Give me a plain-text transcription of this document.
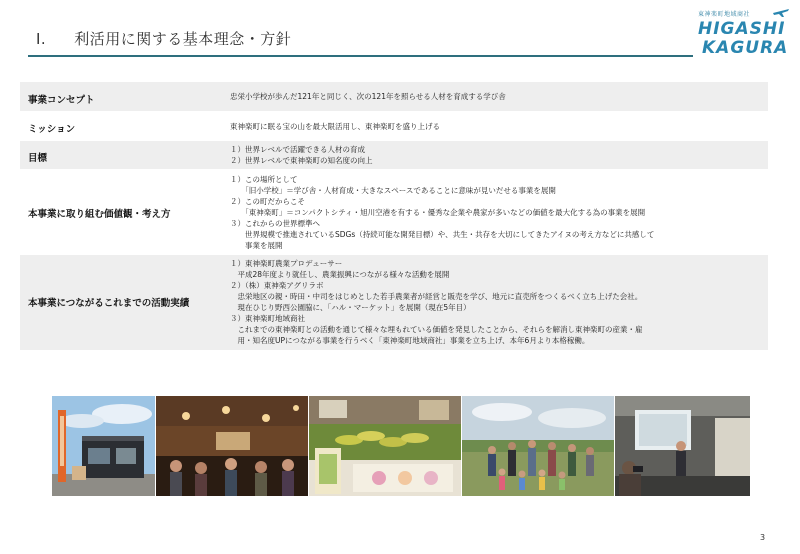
I. 利活用に関する基本理念・方針
東神楽町地域商社
HIGASHI
KAGURA
事業コンセプト	忠栄小学校が歩んだ121年と同じく、次の121年を照らせる人材を育成する学び舎
ミッション	東神楽町に眠る宝の山を最大限活用し、東神楽町を盛り上げる
目標
１）世界レベルで活躍できる人材の育成
２）世界レベルで東神楽町の知名度の向上
本事業に取り組む価値観・考え方
１）この場所として
　　「旧小学校」＝学び舎・人材育成・大きなスペースであることに意味が見いだせる事業を展開
２）この町だからこそ
　　「東神楽町」＝コンパクトシティ・旭川空港を有する・優秀な企業や農家が多いなどの価値を最大化する為の事業を展開
３）これからの世界標準へ
　　世界規模で推進されているSDGs（持続可能な開発目標）や、共生・共存を大切にしてきたアイヌの考え方などに共感して
　　事業を展開
本事業につながるこれまでの活動実績
１）東神楽町農業プロデューサー
　平成28年度より就任し、農業振興につながる様々な活動を展開
２）（株）東神楽アグリラボ
　忠栄地区の親・時田・中司をはじめとした若手農業者が経営と販売を学び、地元に直売所をつくるべく立ち上げた会社。
　現在ひじり野西公園脇に、「ハル・マーケット」を展開（現在5年目）
３）東神楽町地域商社
　これまでの東神楽町との活動を通じて様々な埋もれている価値を発見したことから、それらを解消し東神楽町の産業・雇
　用・知名度UPにつながる事業を行うべく「東神楽町地域商社」事業を立ち上げ、本年6月より本格稼働。
3
